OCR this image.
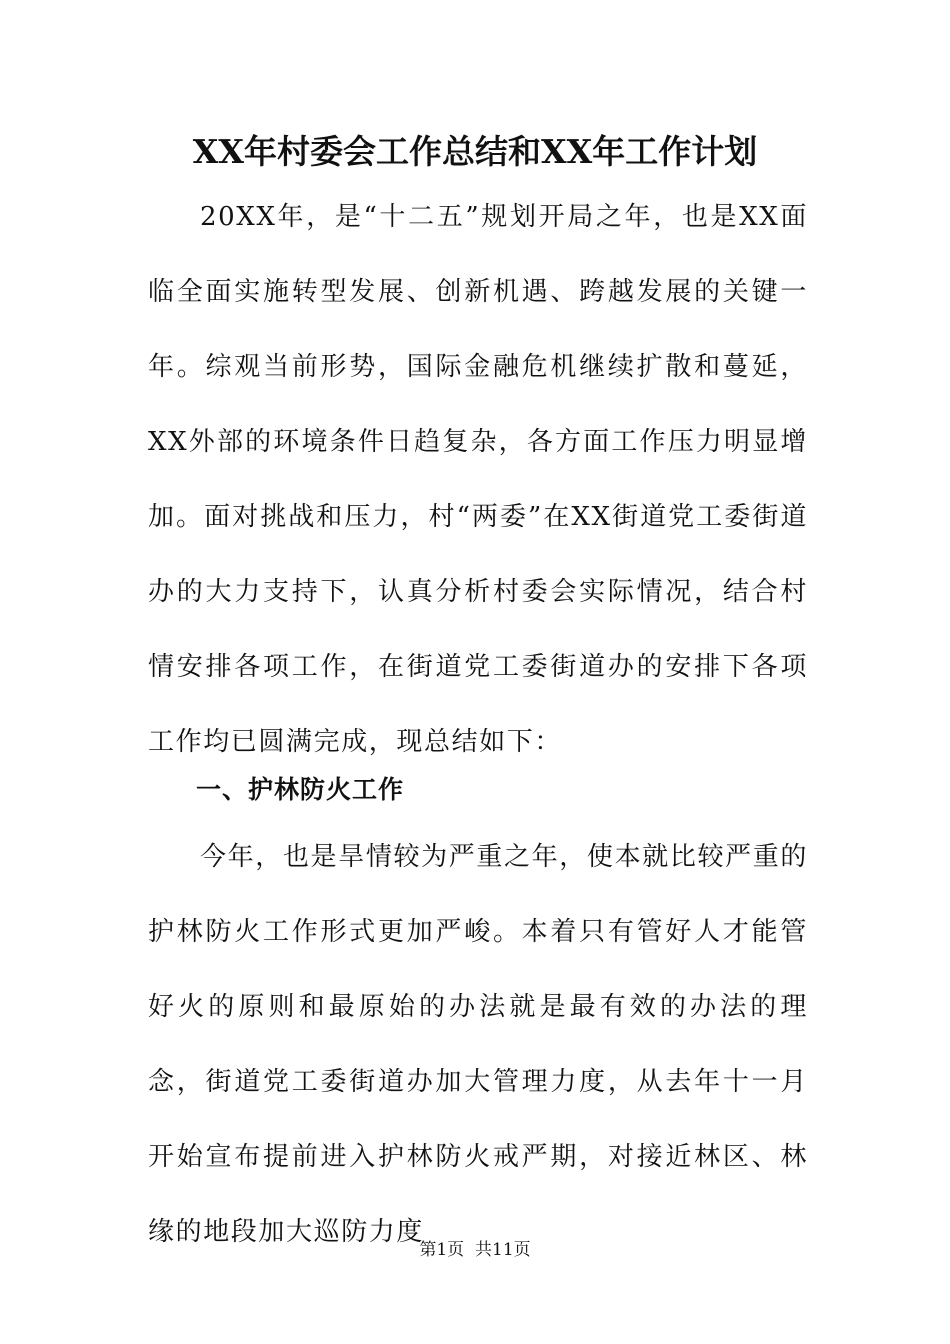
XX年村委会工作总结和XX年工作计划

20XX年，是“十二五”规划开局之年，也是XX面临全面实施转型发展、创新机遇、跨越发展的关键一年。综观当前形势，国际金融危机继续扩散和蔓延，XX外部的环境条件日趋复杂，各方面工作压力明显增加。面对挑战和压力，村“两委”在XX街道党工委街道办的大力支持下，认真分析村委会实际情况，结合村情安排各项工作，在街道党工委街道办的安排下各项工作均已圆满完成，现总结如下：

一、护林防火工作

今年，也是旱情较为严重之年，使本就比较严重的护林防火工作形式更加严峻。本着只有管好人才能管好火的原则和最原始的办法就是最有效的办法的理念，街道党工委街道办加大管理力度，从去年十一月开始宣布提前进入护林防火戒严期，对接近林区、林缘的地段加大巡防力度

第1页 共11页
